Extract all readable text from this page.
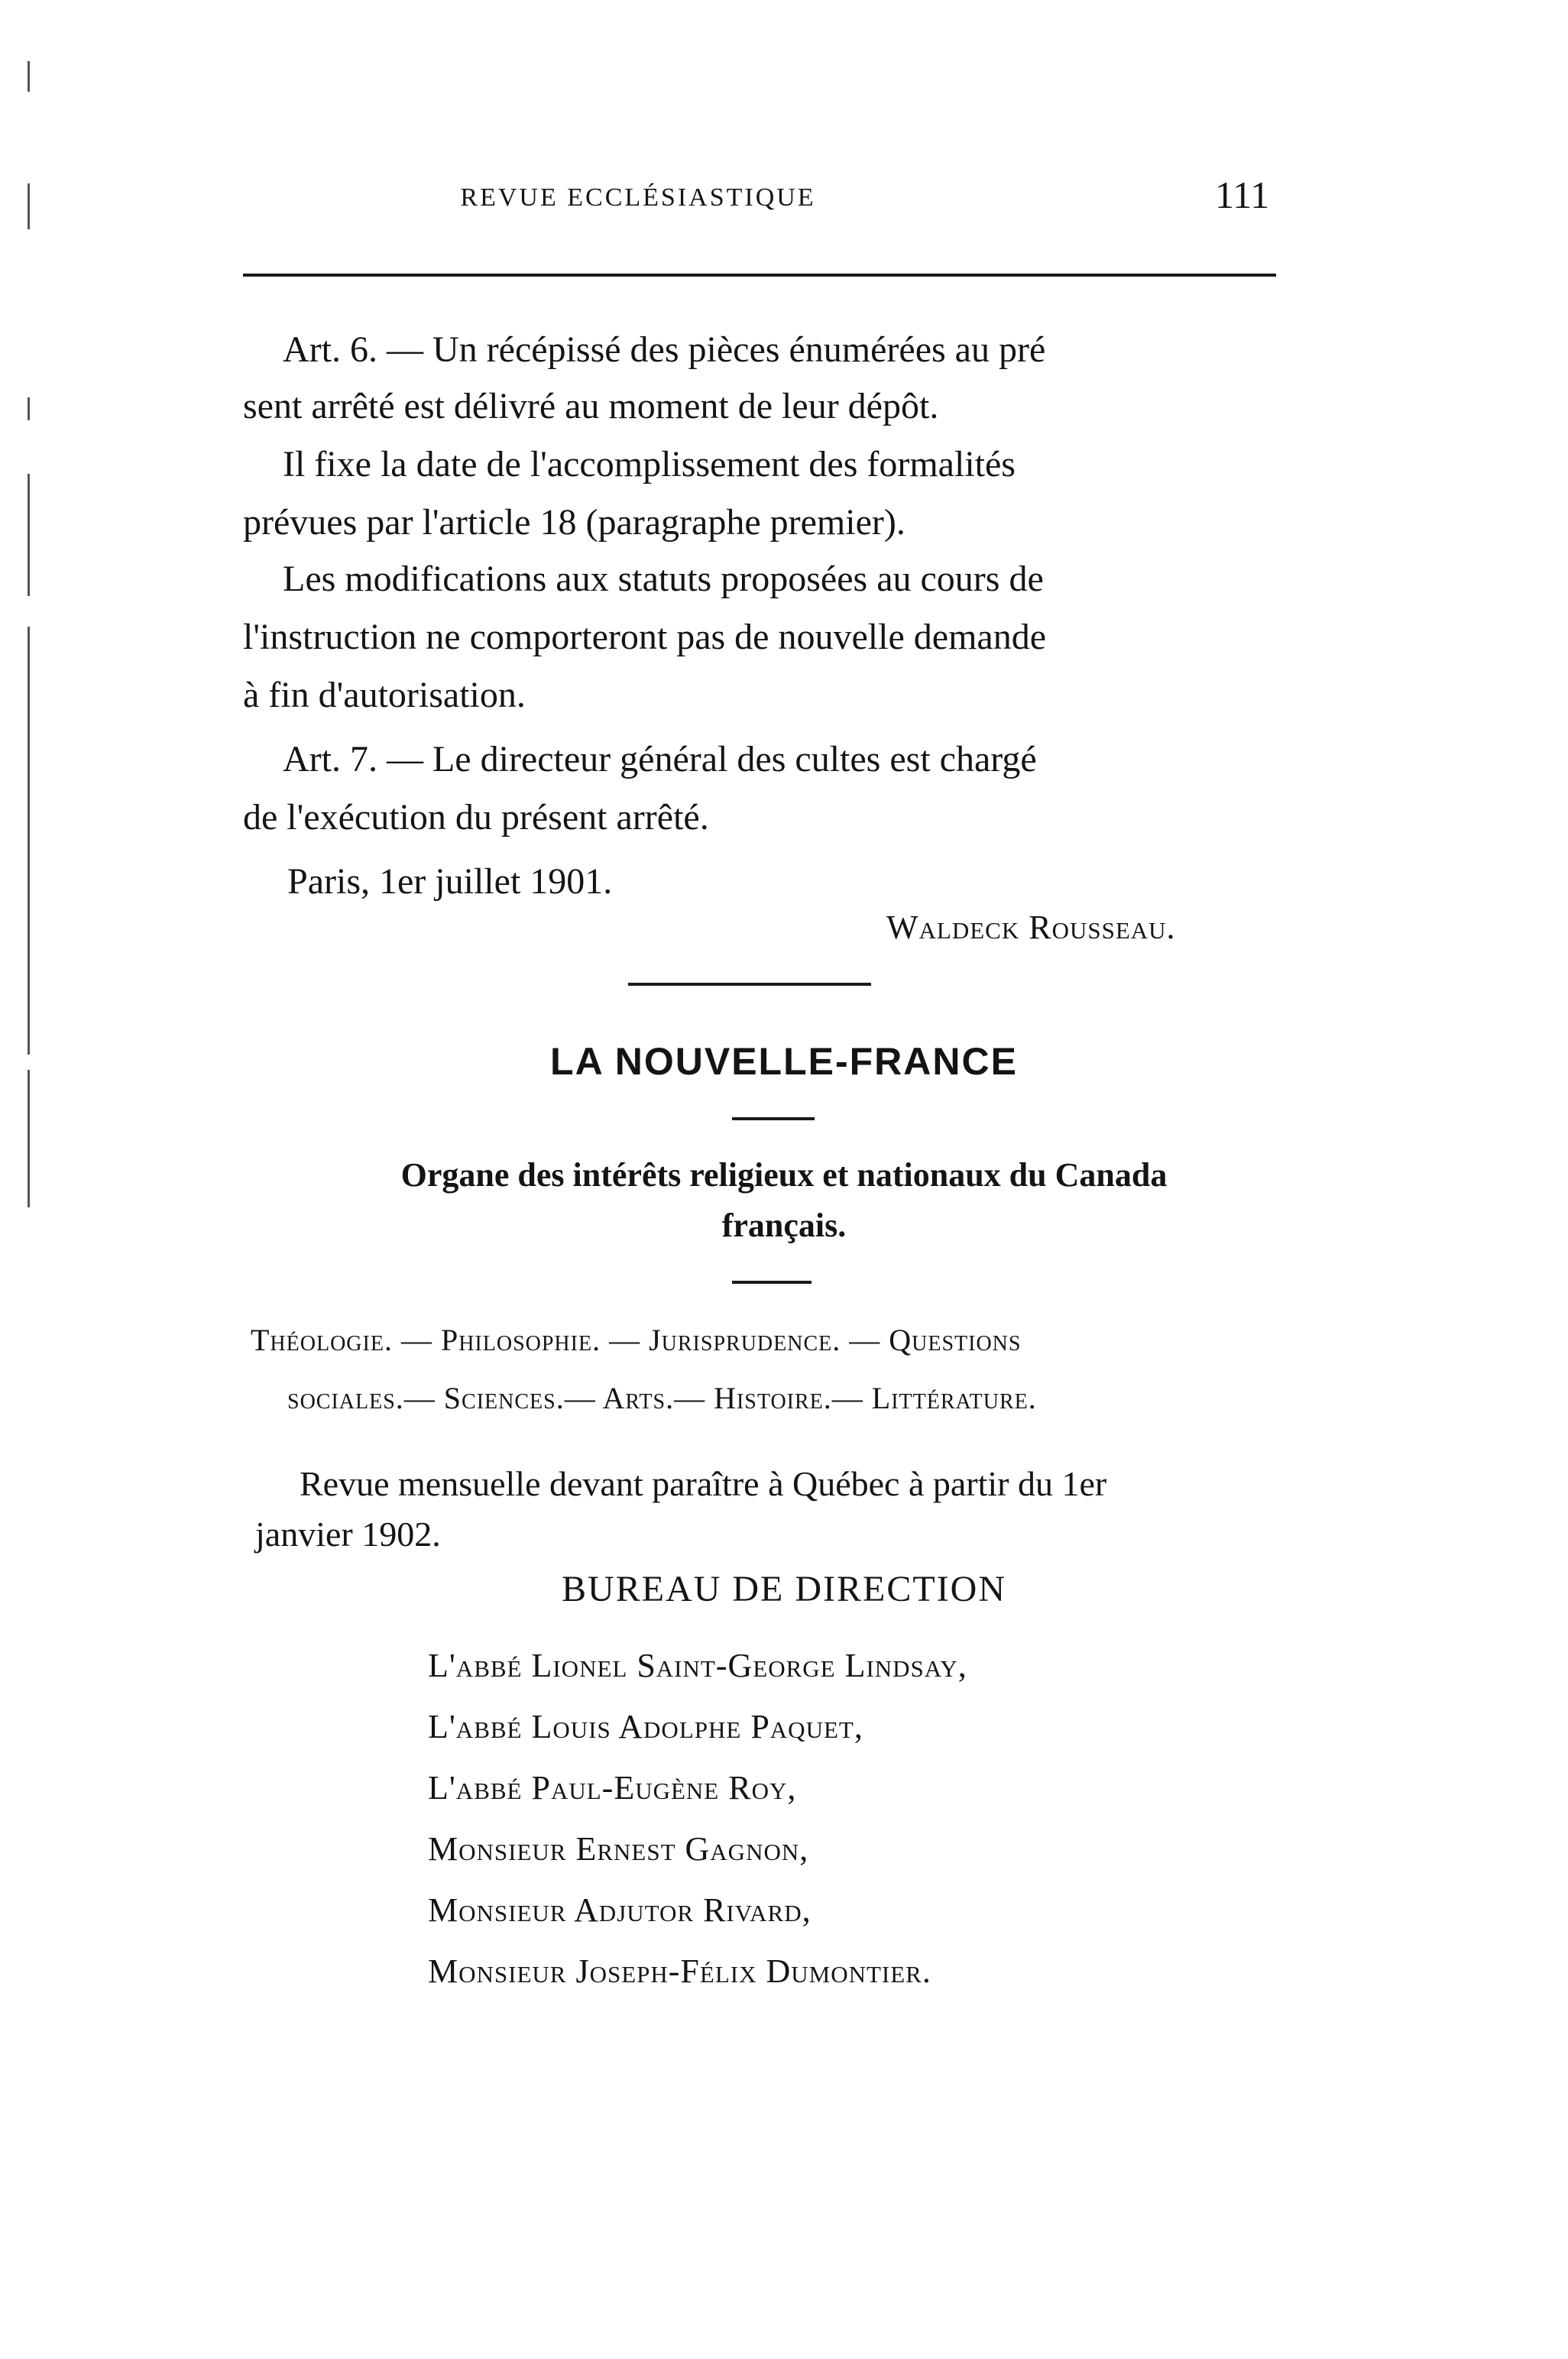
REVUE ECCLÉSIASTIQUE	111
Art. 6. — Un récépissé des pièces énumérées au pré
sent arrêté est délivré au moment de leur dépôt.
Il fixe la date de l'accomplissement des formalités
prévues par l'article 18 (paragraphe premier).
Les modifications aux statuts proposées au cours de
l'instruction ne comporteront pas de nouvelle demande
à fin d'autorisation.
Art. 7. — Le directeur général des cultes est chargé
de l'exécution du présent arrêté.
Paris, 1er juillet 1901.
Waldeck Rousseau.
LA NOUVELLE-FRANCE
Organe des intérêts religieux et nationaux du Canada
français.
Théologie. — Philosophie. — Jurisprudence. — Questions
sociales.— Sciences.— Arts.— Histoire.— Littérature.
Revue mensuelle devant paraître à Québec à partir du 1er
janvier 1902.
BUREAU DE DIRECTION
L'abbé Lionel Saint-George Lindsay,
L'abbé Louis Adolphe Paquet,
L'abbé Paul-Eugène Roy,
Monsieur Ernest Gagnon,
Monsieur Adjutor Rivard,
Monsieur Joseph-Félix Dumontier.
